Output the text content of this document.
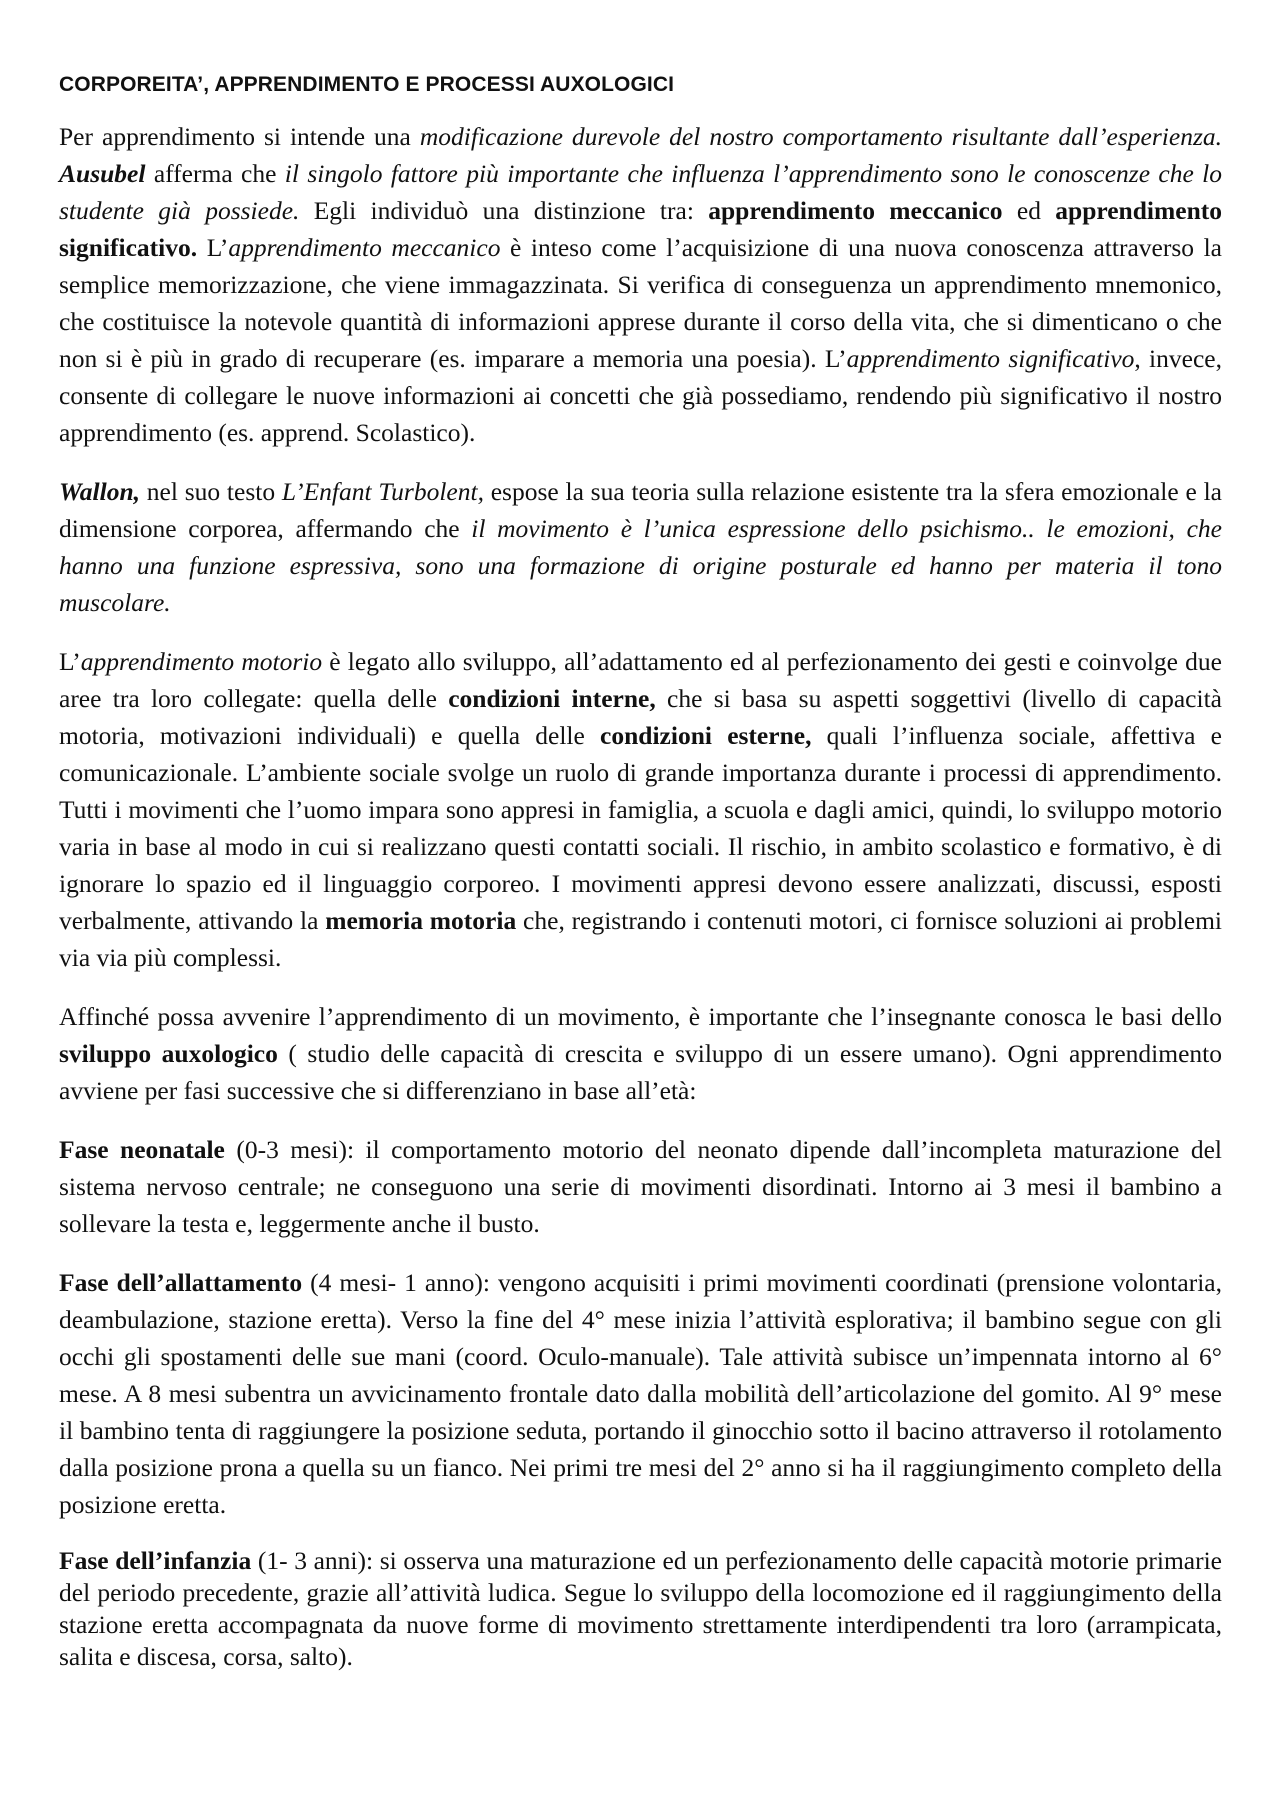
CORPOREITA’, APPRENDIMENTO E PROCESSI AUXOLOGICI

Per apprendimento si intende una modificazione durevole del nostro comportamento risultante dall’esperienza. Ausubel afferma che il singolo fattore più importante che influenza l’apprendimento sono le conoscenze che lo studente già possiede. Egli individuò una distinzione tra: apprendimento meccanico ed apprendimento significativo. L’apprendimento meccanico è inteso come l’acquisizione di una nuova conoscenza attraverso la semplice memorizzazione, che viene immagazzinata. Si verifica di conseguenza un apprendimento mnemonico, che costituisce la notevole quantità di informazioni apprese durante il corso della vita, che si dimenticano o che non si è più in grado di recuperare (es. imparare a memoria una poesia). L’apprendimento significativo, invece, consente di collegare le nuove informazioni ai concetti che già possediamo, rendendo più significativo il nostro apprendimento (es. apprend. Scolastico).

Wallon, nel suo testo L’Enfant Turbolent, espose la sua teoria sulla relazione esistente tra la sfera emozionale e la dimensione corporea, affermando che il movimento è l’unica espressione dello psichismo.. le emozioni, che hanno una funzione espressiva, sono una formazione di origine posturale ed hanno per materia il tono muscolare.

L’apprendimento motorio è legato allo sviluppo, all’adattamento ed al perfezionamento dei gesti e coinvolge due aree tra loro collegate: quella delle condizioni interne, che si basa su aspetti soggettivi (livello di capacità motoria, motivazioni individuali) e quella delle condizioni esterne, quali l’influenza sociale, affettiva e comunicazionale. L’ambiente sociale svolge un ruolo di grande importanza durante i processi di apprendimento. Tutti i movimenti che l’uomo impara sono appresi in famiglia, a scuola e dagli amici, quindi, lo sviluppo motorio varia in base al modo in cui si realizzano questi contatti sociali. Il rischio, in ambito scolastico e formativo, è di ignorare lo spazio ed il linguaggio corporeo. I movimenti appresi devono essere analizzati, discussi, esposti verbalmente, attivando la memoria motoria che, registrando i contenuti motori, ci fornisce soluzioni ai problemi via via più complessi.

Affinché possa avvenire l’apprendimento di un movimento, è importante che l’insegnante conosca le basi dello sviluppo auxologico ( studio delle capacità di crescita e sviluppo di un essere umano). Ogni apprendimento avviene per fasi successive che si differenziano in base all’età:

Fase neonatale (0-3 mesi): il comportamento motorio del neonato dipende dall’incompleta maturazione del sistema nervoso centrale; ne conseguono una serie di movimenti disordinati. Intorno ai 3 mesi il bambino a sollevare la testa e, leggermente anche il busto.

Fase dell’allattamento (4 mesi- 1 anno): vengono acquisiti i primi movimenti coordinati (prensione volontaria, deambulazione, stazione eretta). Verso la fine del 4° mese inizia l’attività esplorativa; il bambino segue con gli occhi gli spostamenti delle sue mani (coord. Oculo-manuale). Tale attività subisce un’impennata intorno al 6° mese. A 8 mesi subentra un avvicinamento frontale dato dalla mobilità dell’articolazione del gomito. Al 9° mese il bambino tenta di raggiungere la posizione seduta, portando il ginocchio sotto il bacino attraverso il rotolamento dalla posizione prona a quella su un fianco. Nei primi tre mesi del 2° anno si ha il raggiungimento completo della posizione eretta.

Fase dell’infanzia (1- 3 anni): si osserva una maturazione ed un perfezionamento delle capacità motorie primarie del periodo precedente, grazie all’attività ludica. Segue lo sviluppo della locomozione ed il raggiungimento della stazione eretta accompagnata da nuove forme di movimento strettamente interdipendenti tra loro (arrampicata, salita e discesa, corsa, salto).
